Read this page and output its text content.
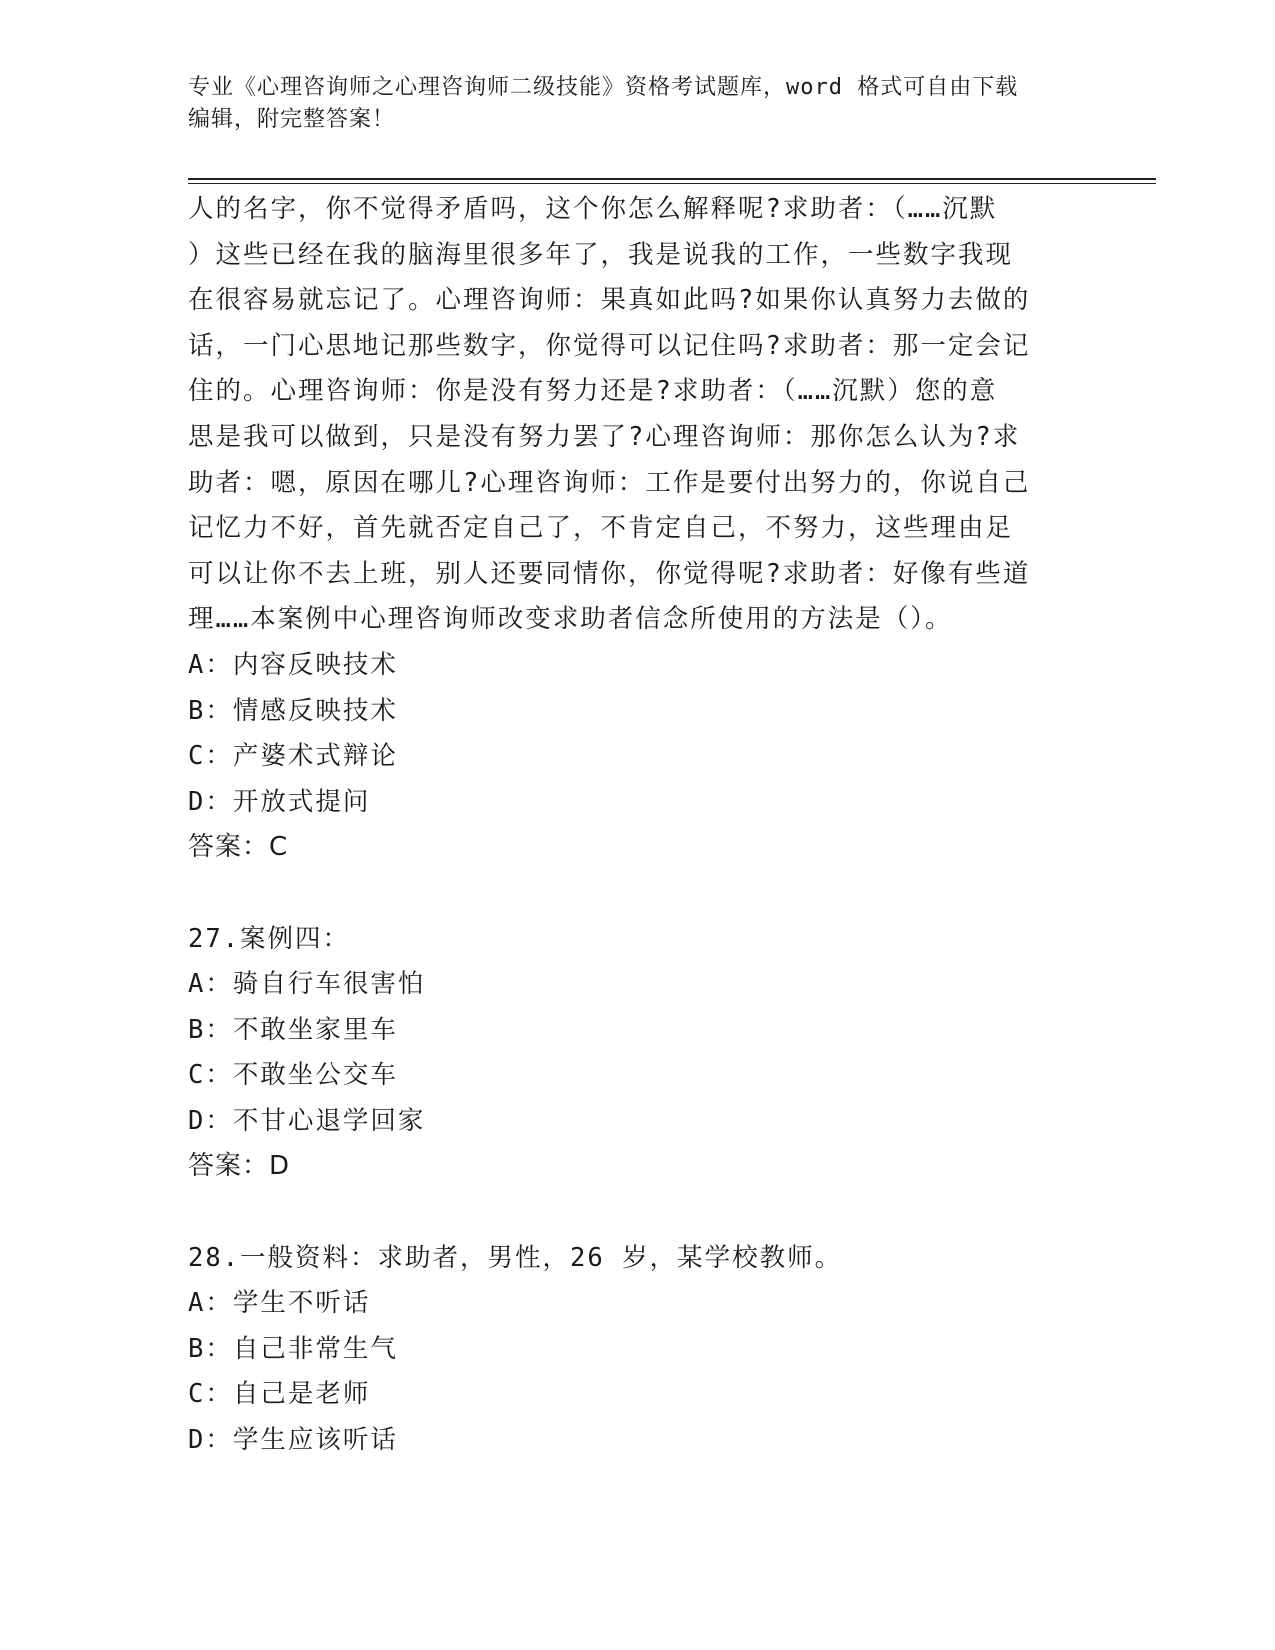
专业《心理咨询师之心理咨询师二级技能》资格考试题库，word 格式可自由下载
编辑，附完整答案！
人的名字，你不觉得矛盾吗，这个你怎么解释呢?求助者：（……沉默
）这些已经在我的脑海里很多年了，我是说我的工作，一些数字我现
在很容易就忘记了。心理咨询师：果真如此吗?如果你认真努力去做的
话，一门心思地记那些数字，你觉得可以记住吗?求助者：那一定会记
住的。心理咨询师：你是没有努力还是?求助者：（……沉默）您的意
思是我可以做到，只是没有努力罢了?心理咨询师：那你怎么认为?求
助者：嗯，原因在哪儿?心理咨询师：工作是要付出努力的，你说自己
记忆力不好，首先就否定自己了，不肯定自己，不努力，这些理由足
可以让你不去上班，别人还要同情你，你觉得呢?求助者：好像有些道
理……本案例中心理咨询师改变求助者信念所使用的方法是（）。
A：内容反映技术
B：情感反映技术
C：产婆术式辩论
D：开放式提问
答案：C
27.案例四：
A：骑自行车很害怕
B：不敢坐家里车
C：不敢坐公交车
D：不甘心退学回家
答案：D
28.一般资料：求助者，男性，26 岁，某学校教师。
A：学生不听话
B：自己非常生气
C：自己是老师
D：学生应该听话
